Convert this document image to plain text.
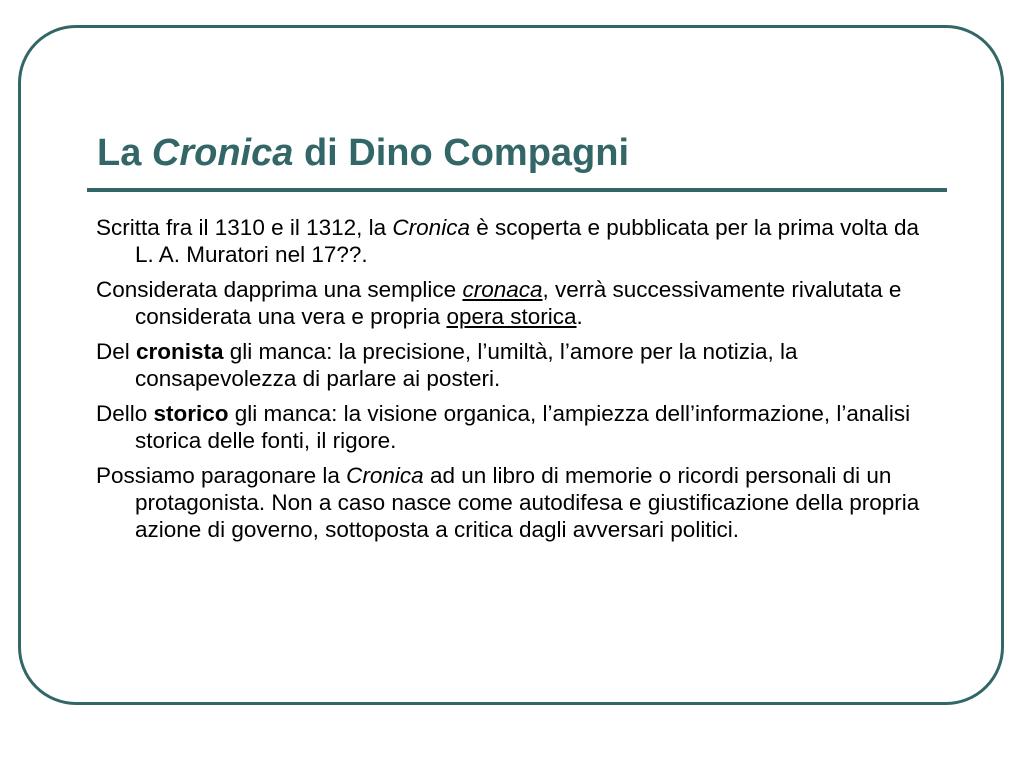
La Cronica di Dino Compagni

Scritta fra il 1310 e il 1312, la Cronica è scoperta e pubblicata per la prima volta da L. A. Muratori nel 17??.

Considerata dapprima una semplice cronaca, verrà successivamente rivalutata e considerata una vera e propria opera storica.

Del cronista gli manca: la precisione, l’umiltà, l’amore per la notizia, la consapevolezza di parlare ai posteri.

Dello storico gli manca: la visione organica, l’ampiezza dell’informazione, l’analisi storica delle fonti, il rigore.

Possiamo paragonare la Cronica ad un libro di memorie o ricordi personali di un protagonista. Non a caso nasce come autodifesa e giustificazione della propria azione di governo, sottoposta a critica dagli avversari politici.
